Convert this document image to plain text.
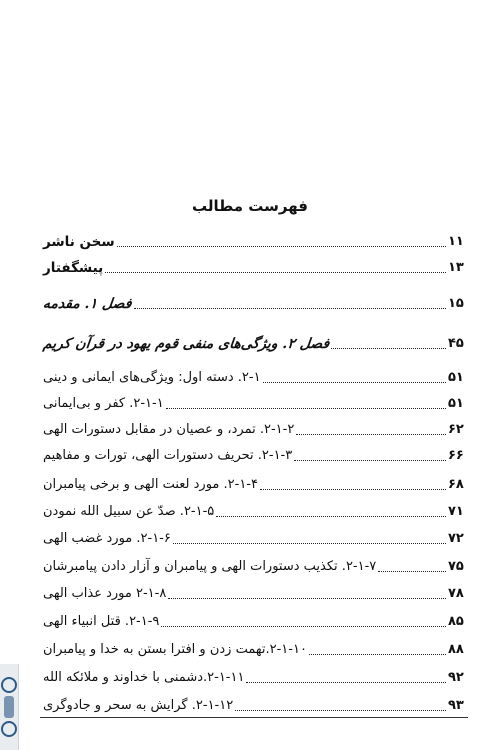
فهرست مطالب
سخن ناشر	۱۱
پیشگفتار	۱۳
فصل ۱. مقدمه	۱۵
فصل ۲. ویژگی‌های منفی قوم یهود در قرآن کریم	۴۵
۲-۱. دسته اول: ویژگی‌های ایمانی و دینی	۵۱
۲-۱-۱. کفر و بی‌ایمانی	۵۱
۲-۱-۲. تمرد، و عصیان در مقابل دستورات الهی	۶۲
۲-۱-۳. تحریف دستورات الهی، تورات و مفاهیم	۶۶
۲-۱-۴. مورد لعنت الهی و برخی پیامبران	۶۸
۲-۱-۵. صدّ عن سبیل الله نمودن	۷۱
۲-۱-۶. مورد غضب الهی	۷۲
۲-۱-۷. تکذیب دستورات الهی و پیامبران و آزار دادن پیامبرشان	۷۵
۲-۱-۸ مورد عذاب الهی	۷۸
۲-۱-۹. قتل انبیاء الهی	۸۵
۲-۱-۱۰.تهمت زدن و افترا بستن به خدا و پیامبران	۸۸
۲-۱-۱۱.دشمنی با خداوند و ملائکه الله	۹۲
۲-۱-۱۲. گرایش به سحر و جادوگری	۹۳
